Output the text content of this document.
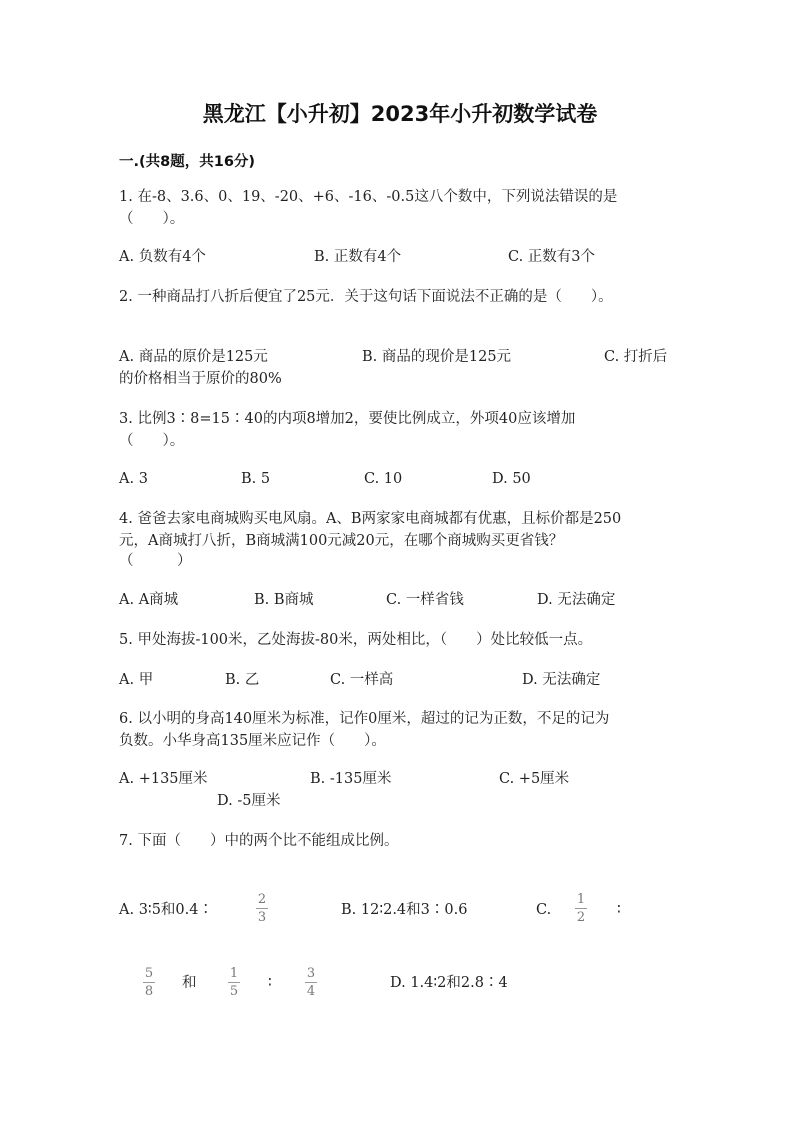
黑龙江【小升初】2023年小升初数学试卷
一.(共8题，共16分)
1. 在-8、3.6、0、19、-20、+6、-16、-0.5这八个数中，下列说法错误的是
（　　）。
A. 负数有4个	B. 正数有4个	C. 正数有3个
2. 一种商品打八折后便宜了25元．关于这句话下面说法不正确的是（　　）。
A. 商品的原价是125元	B. 商品的现价是125元	C. 打折后
的价格相当于原价的80%
3. 比例3∶8=15∶40的内项8增加2，要使比例成立，外项40应该增加
（　　）。
A. 3	B. 5	C. 10	D. 50
4. 爸爸去家电商城购买电风扇。A、B两家家电商城都有优惠，且标价都是250
元，A商城打八折，B商城满100元减20元，在哪个商城购买更省钱？
（　　　）
A. A商城	B. B商城	C. 一样省钱	D. 无法确定
5. 甲处海拔-100米，乙处海拔-80米，两处相比，（　　）处比较低一点。
A. 甲	B. 乙	C. 一样高	D. 无法确定
6. 以小明的身高140厘米为标准，记作0厘米，超过的记为正数，不足的记为
负数。小华身高135厘米应记作（　　）。
A. +135厘米	B. -135厘米	C. +5厘米
D. -5厘米
7. 下面（　　）中的两个比不能组成比例。
A. 3∶5和0.4∶
2
3	B. 12∶2.4和3∶0.6	C.
1
2 ∶
5
8
和
1
5
∶
3
4
D. 1.4∶2和2.8∶4
